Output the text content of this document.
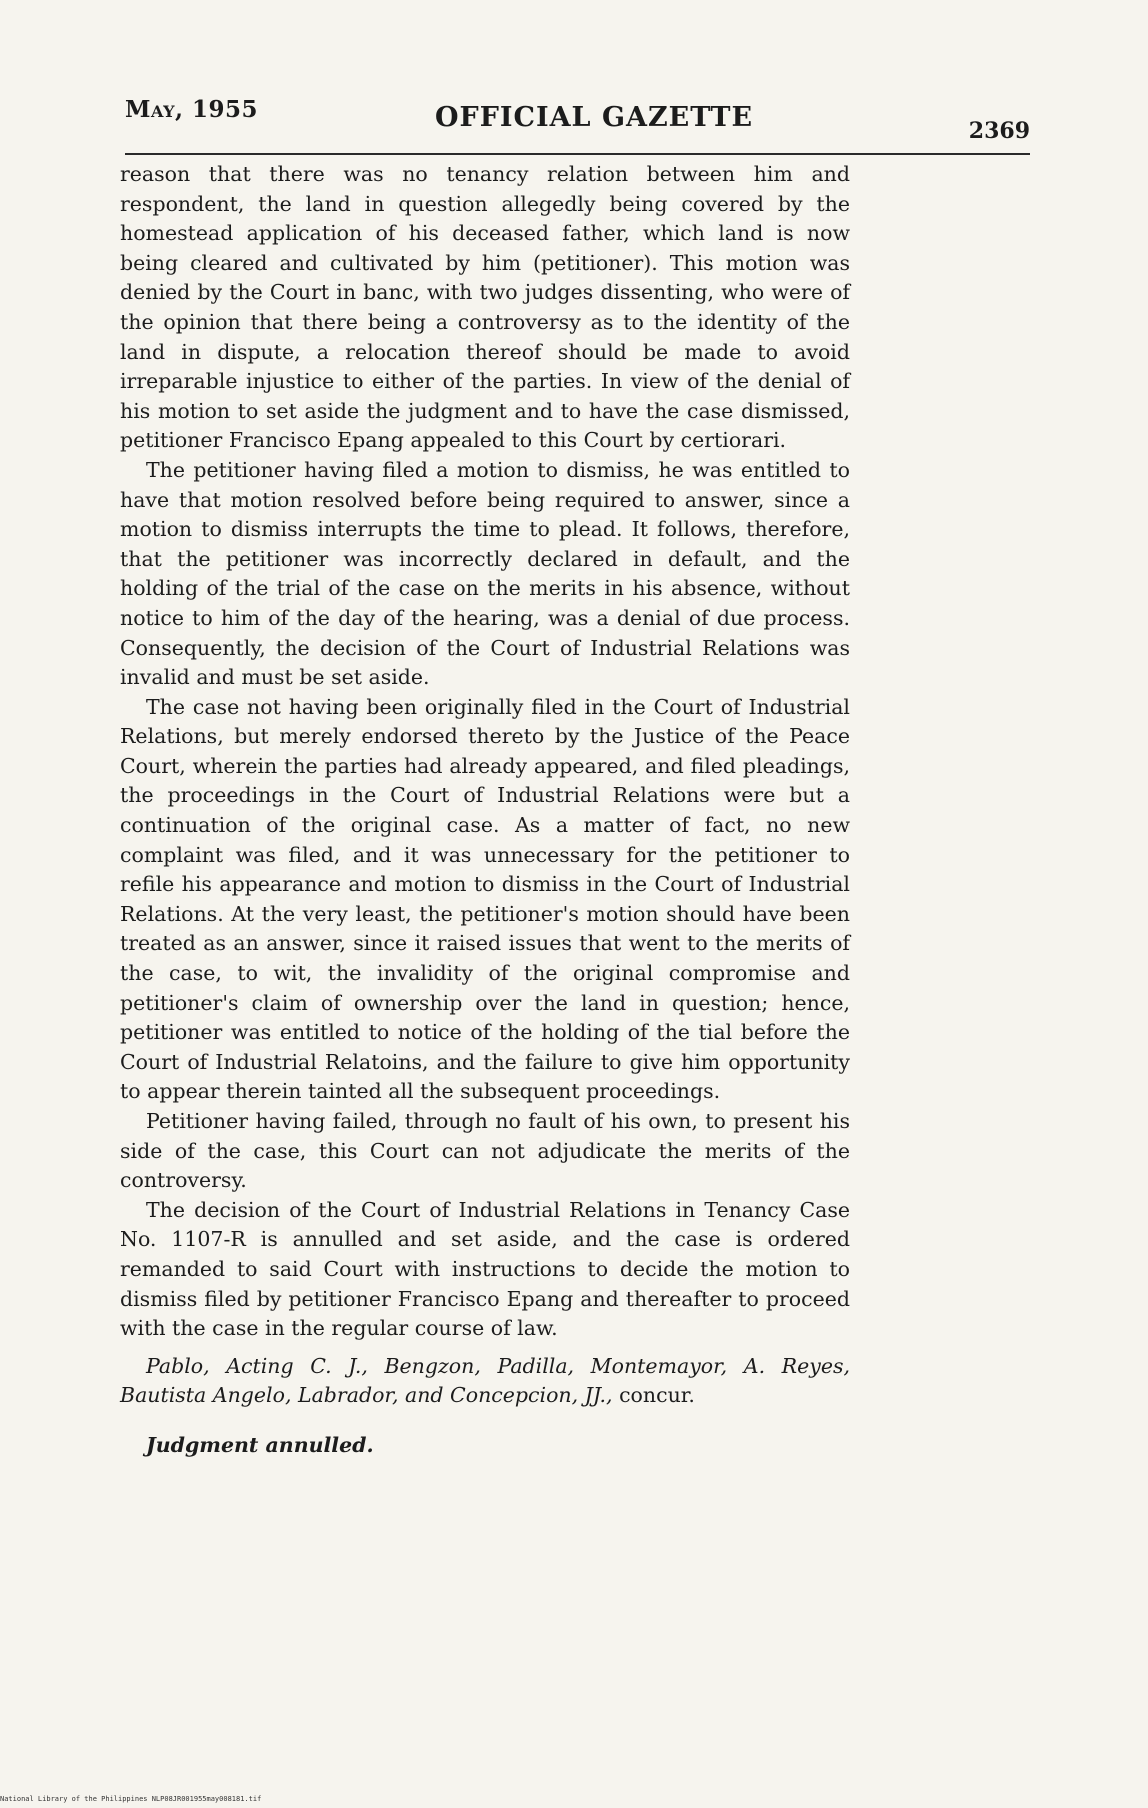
May, 1955	OFFICIAL GAZETTE	2369

reason that there was no tenancy relation between him and respondent, the land in question allegedly being covered by the homestead application of his deceased father, which land is now being cleared and cultivated by him (petitioner). This motion was denied by the Court in banc, with two judges dissenting, who were of the opinion that there being a controversy as to the identity of the land in dispute, a relocation thereof should be made to avoid irreparable injustice to either of the parties. In view of the denial of his motion to set aside the judgment and to have the case dismissed, petitioner Francisco Epang appealed to this Court by certiorari.

The petitioner having filed a motion to dismiss, he was entitled to have that motion resolved before being required to answer, since a motion to dismiss interrupts the time to plead. It follows, therefore, that the petitioner was incorrectly declared in default, and the holding of the trial of the case on the merits in his absence, without notice to him of the day of the hearing, was a denial of due process. Consequently, the decision of the Court of Industrial Relations was invalid and must be set aside.

The case not having been originally filed in the Court of Industrial Relations, but merely endorsed thereto by the Justice of the Peace Court, wherein the parties had already appeared, and filed pleadings, the proceedings in the Court of Industrial Relations were but a continuation of the original case. As a matter of fact, no new complaint was filed, and it was unnecessary for the petitioner to refile his appearance and motion to dismiss in the Court of Industrial Relations. At the very least, the petitioner's motion should have been treated as an answer, since it raised issues that went to the merits of the case, to wit, the invalidity of the original compromise and petitioner's claim of ownership over the land in question; hence, petitioner was entitled to notice of the holding of the tial before the Court of Industrial Relatoins, and the failure to give him opportunity to appear therein tainted all the subsequent proceedings.

Petitioner having failed, through no fault of his own, to present his side of the case, this Court can not adjudicate the merits of the controversy.

The decision of the Court of Industrial Relations in Tenancy Case No. 1107-R is annulled and set aside, and the case is ordered remanded to said Court with instructions to decide the motion to dismiss filed by petitioner Francisco Epang and thereafter to proceed with the case in the regular course of law.

Pablo, Acting C. J., Bengzon, Padilla, Montemayor, A. Reyes, Bautista Angelo, Labrador, and Concepcion, JJ., concur.

Judgment annulled.

National Library of the Philippines NLP08JR001955may008181.tif
